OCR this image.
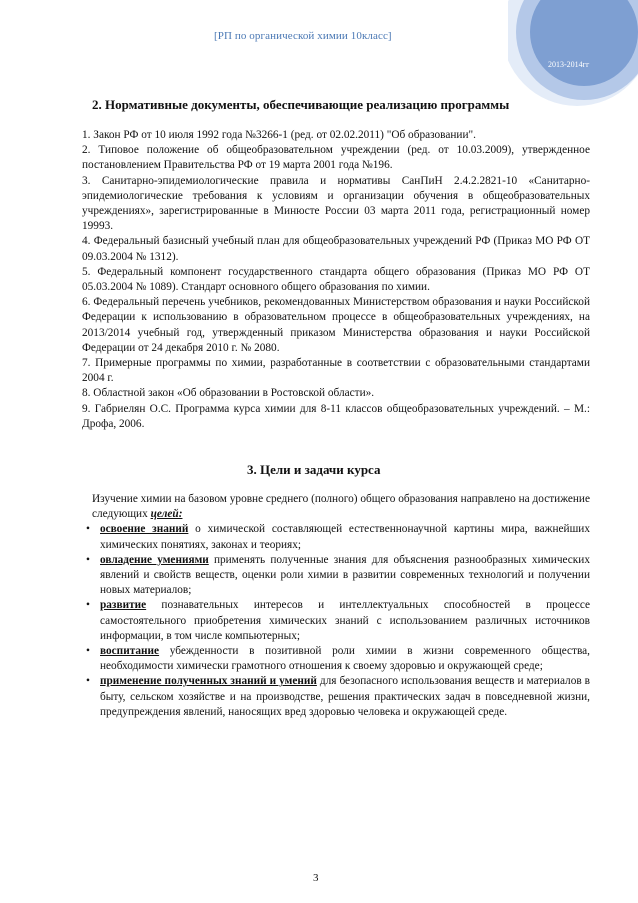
[РП по органической химии 10класс]
2013-2014гг
2. Нормативные документы, обеспечивающие реализацию программы

1. Закон РФ от 10 июля 1992 года №3266-1 (ред. от 02.02.2011) "Об образовании".

2. Типовое положение об общеобразовательном учреждении (ред. от 10.03.2009), утвержденное постановлением Правительства РФ от 19 марта 2001 года №196.

3. Санитарно-эпидемиологические правила и нормативы СанПиН 2.4.2.2821-10 «Санитарно-эпидемиологические требования к условиям и организации обучения в общеобразовательных учреждениях», зарегистрированные в Минюсте России 03 марта 2011 года, регистрационный номер 19993.

4. Федеральный базисный учебный план для общеобразовательных учреждений РФ (Приказ МО РФ ОТ 09.03.2004 № 1312).

5. Федеральный компонент государственного стандарта общего образования (Приказ МО РФ ОТ 05.03.2004 № 1089). Стандарт основного общего образования по химии.

6. Федеральный перечень учебников, рекомендованных Министерством образования и науки Российской Федерации к использованию в образовательном процессе в общеобразовательных учреждениях, на 2013/2014 учебный год, утвержденный приказом Министерства образования и науки Российской Федерации от 24 декабря 2010 г. № 2080.

7. Примерные программы по химии, разработанные в соответствии с образовательными стандартами 2004 г.

8. Областной закон «Об образовании в Ростовской области».

9. Габриелян О.С. Программа курса химии для 8-11 классов общеобразовательных учреждений. – М.: Дрофа, 2006.

3. Цели и задачи курса

Изучение химии на базовом уровне среднего (полного) общего образования направлено на достижение следующих целей:

• освоение знаний о химической составляющей естественнонаучной картины мира, важнейших химических понятиях, законах и теориях;
• овладение умениями применять полученные знания для объяснения разнообразных химических явлений и свойств веществ, оценки роли химии в развитии современных технологий и получении новых материалов;
• развитие познавательных интересов и интеллектуальных способностей в процессе самостоятельного приобретения химических знаний с использованием различных источников информации, в том числе компьютерных;
• воспитание убежденности в позитивной роли химии в жизни современного общества, необходимости химически грамотного отношения к своему здоровью и окружающей среде;
• применение полученных знаний и умений для безопасного использования веществ и материалов в быту, сельском хозяйстве и на производстве, решения практических задач в повседневной жизни, предупреждения явлений, наносящих вред здоровью человека и окружающей среде.
3
